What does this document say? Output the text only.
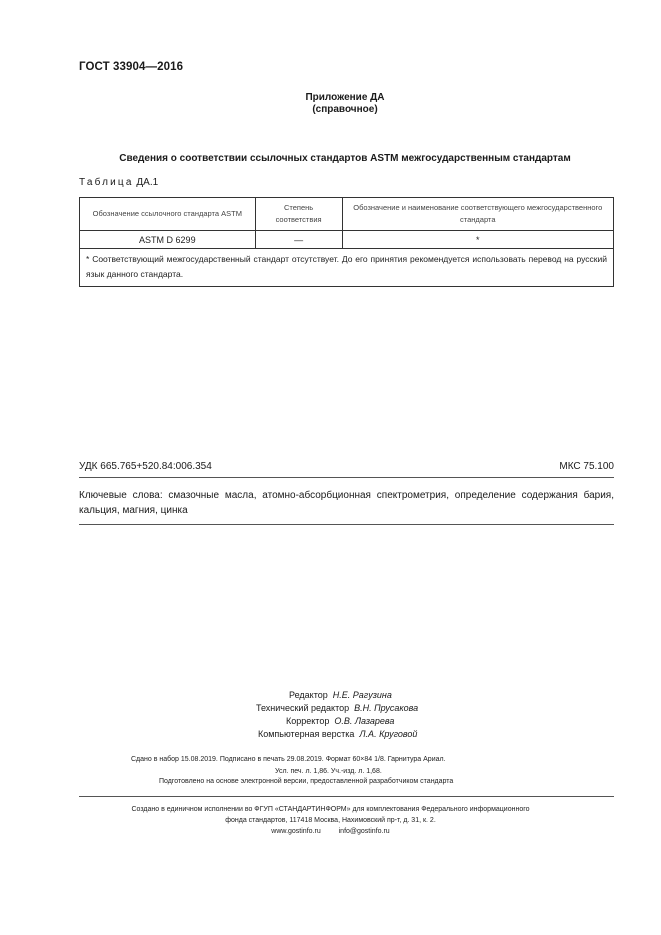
ГОСТ 33904—2016
Приложение ДА
(справочное)
Сведения о соответствии ссылочных стандартов ASTM межгосударственным стандартам
Таблица ДА.1
Обозначение ссылочного стандарта ASTM	Степень соответствия	Обозначение и наименование соответствующего межгосударственного стандарта
ASTM D 6299	—	*
* Соответствующий межгосударственный стандарт отсутствует. До его принятия рекомендуется использовать перевод на русский язык данного стандарта.		
УДК 665.765+520.84:006.354	МКС 75.100
Ключевые слова: смазочные масла, атомно-абсорбционная спектрометрия, определение содержания бария, кальция, магния, цинка
Редактор Н.Е. Рагузина
Технический редактор В.Н. Прусакова
Корректор О.В. Лазарева
Компьютерная верстка Л.А. Круговой
Сдано в набор 15.08.2019. Подписано в печать 29.08.2019. Формат 60×84 1/8. Гарнитура Ариал.
Усл. печ. л. 1,86. Уч.-изд. л. 1,68.
Подготовлено на основе электронной версии, предоставленной разработчиком стандарта
Создано в единичном исполнении во ФГУП «СТАНДАРТИНФОРМ» для комплектования Федерального информационного
фонда стандартов, 117418 Москва, Нахимовский пр-т, д. 31, к. 2.
www.gostinfo.ru	info@gostinfo.ru
